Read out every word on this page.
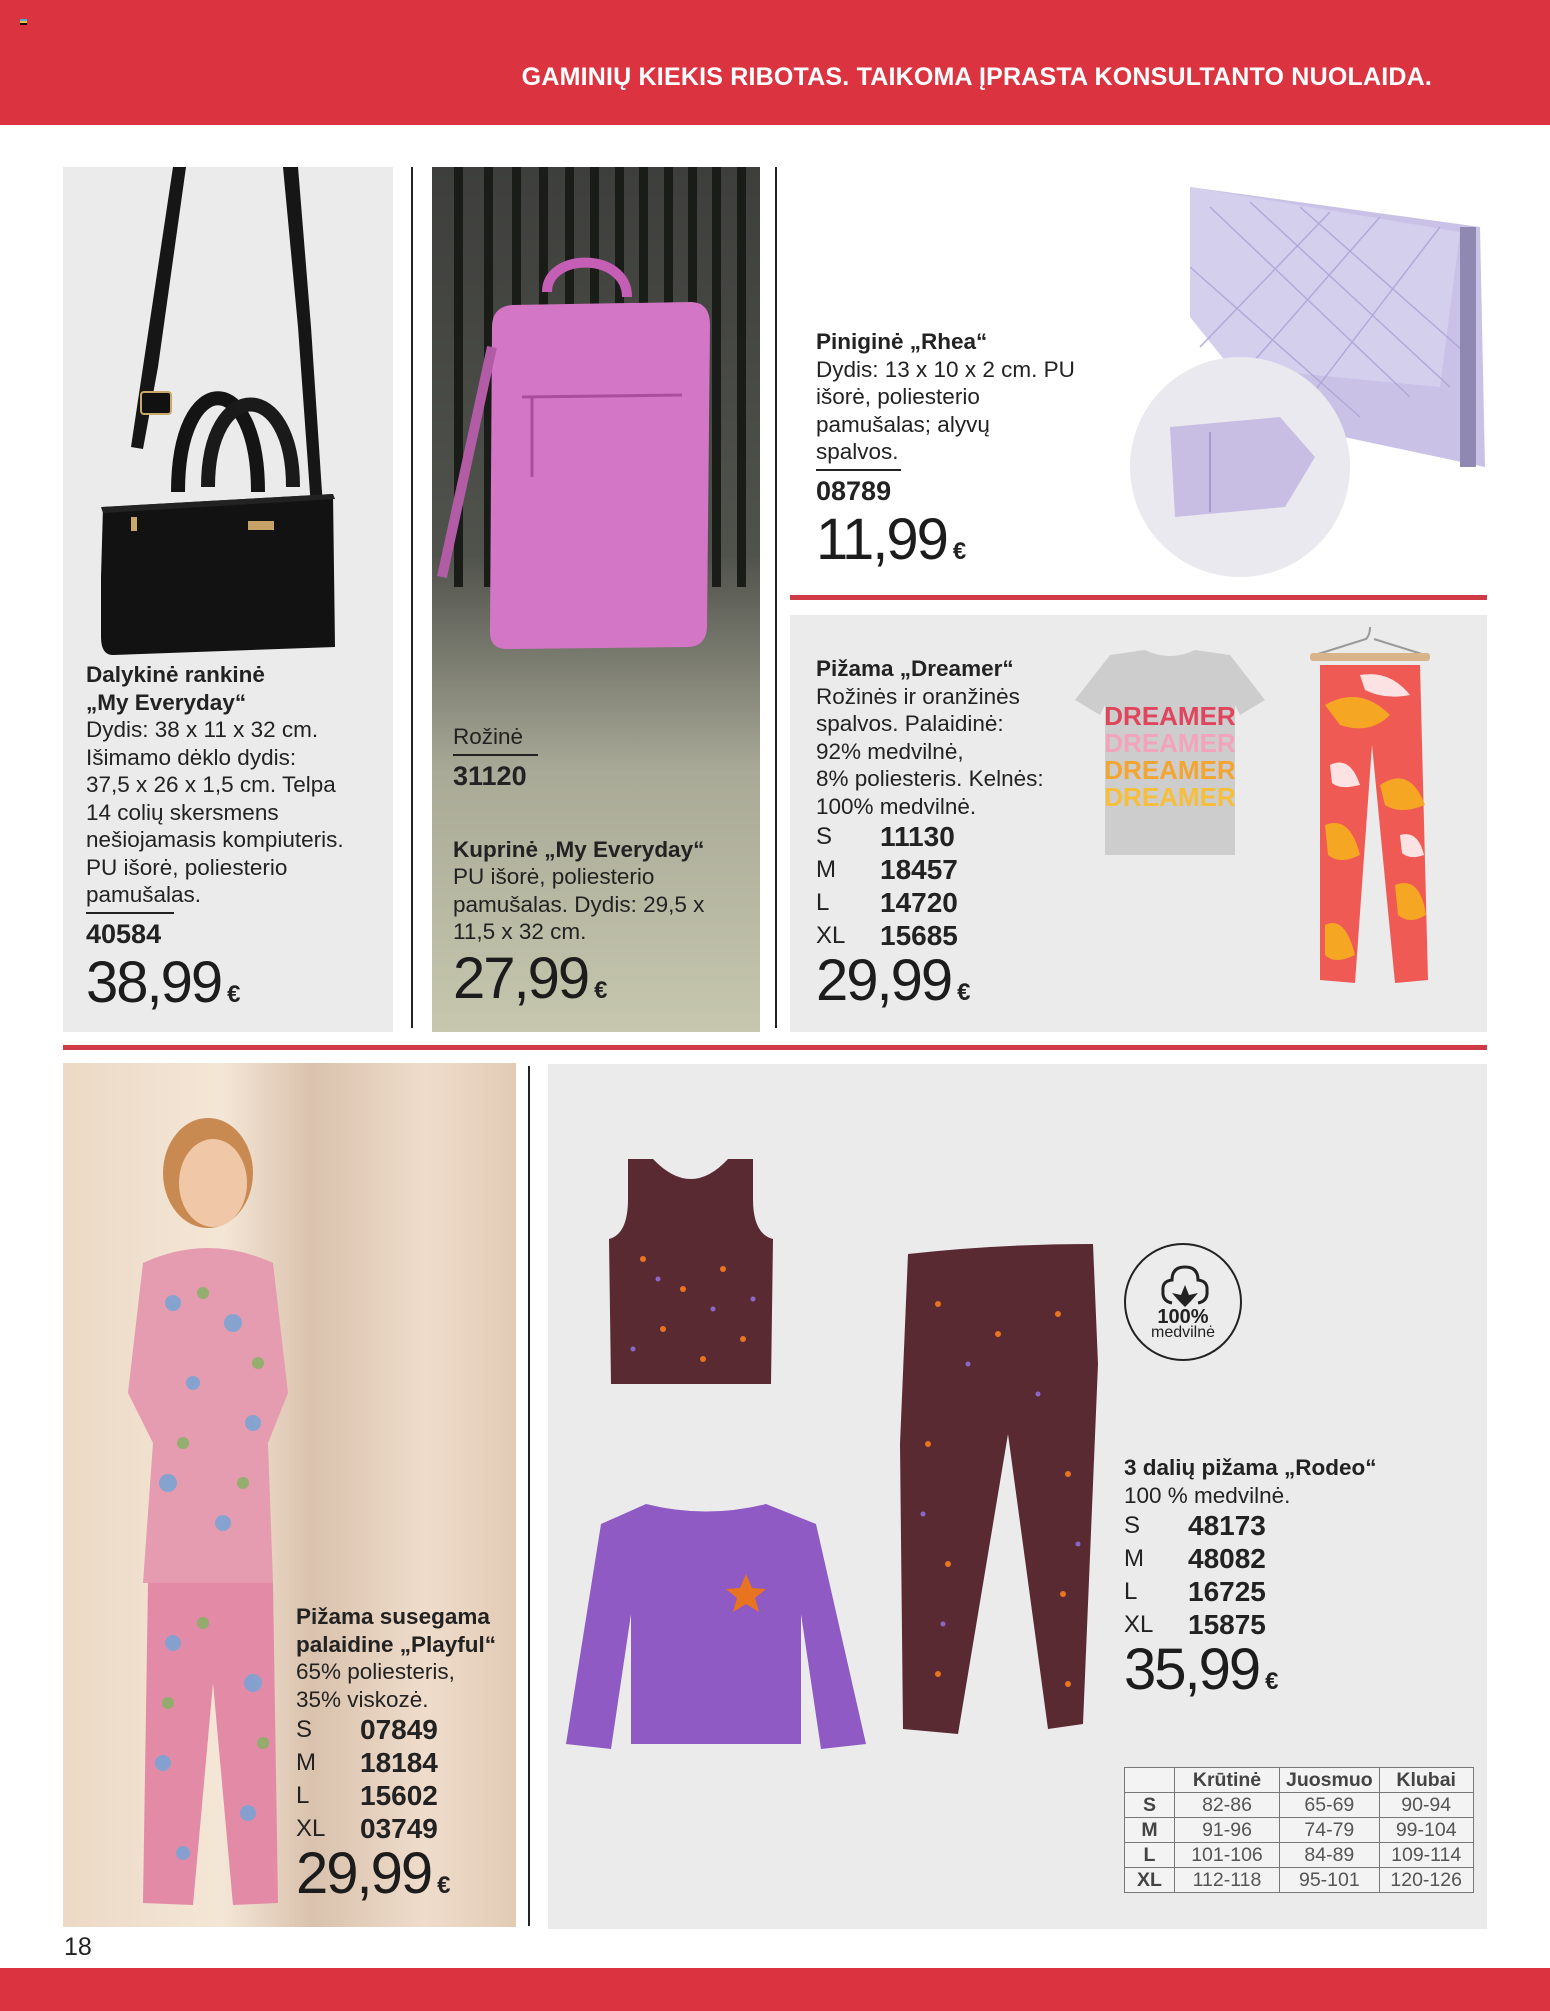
GAMINIŲ KIEKIS RIBOTAS. TAIKOMA ĮPRASTA KONSULTANTO NUOLAIDA.
Dalykinė rankinė
„My Everyday“
Dydis: 38 x 11 x 32 cm.
Išimamo dėklo dydis:
37,5 x 26 x 1,5 cm. Telpa
14 colių skersmens
nešiojamasis kompiuteris.
PU išorė, poliesterio
pamušalas.
40584
38,99 €
Rožinė
31120
Kuprinė „My Everyday“
PU išorė, poliesterio
pamušalas. Dydis: 29,5 x
11,5 x 32 cm.
27,99 €
Piniginė „Rhea“
Dydis: 13 x 10 x 2 cm. PU
išorė, poliesterio
pamušalas; alyvų
spalvos.
08789
11,99 €
DREAMER
DREAMER
DREAMER
DREAMER
Pižama „Dreamer“
Rožinės ir oranžinės
spalvos. Palaidinė:
92% medvilnė,
8% poliesteris. Kelnės:
100% medvilnė.
S	11130
M	18457
L	14720
XL	15685
29,99 €
Pižama susegama
palaidine „Playful“
65% poliesteris,
35% viskozė.
S	07849
M	18184
L	15602
XL	03749
29,99 €
3 dalių pižama „Rodeo“
100 % medvilnė.
S	48173
M	48082
L	16725
XL	15875
35,99 €
100%
medvilnė
	Krūtinė	Juosmuo	Klubai
S	82-86	65-69	90-94
M	91-96	74-79	99-104
L	101-106	84-89	109-114
XL	112-118	95-101	120-126
18
